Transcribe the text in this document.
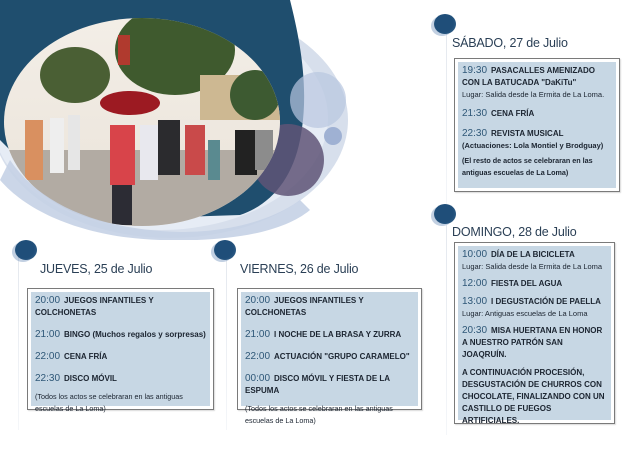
SÁBADO, 27 de Julio
19:30 PASACALLES AMENIZADO CON LA BATUCADA "DaKiTu"
Lugar: Salida desde la Ermita de La Loma.
21:30 CENA FRÍA
22:30 REVISTA MUSICAL
(Actuaciones: Lola Montiel y Brodguay)
(El resto de actos se celebraran en las antiguas escuelas de La Loma)
DOMINGO, 28 de Julio
10:00 DÍA DE LA BICICLETA
Lugar: Salida desde la Ermita de La Loma
12:00 FIESTA DEL AGUA
13:00 I DEGUSTACIÓN DE PAELLA
Lugar: Antiguas escuelas de La Loma
20:30 MISA HUERTANA EN HONOR A NUESTRO PATRÓN SAN JOAQRUÍN.
A CONTINUACIÓN PROCESIÓN, DESGUSTACIÓN DE CHURROS CON CHOCOLATE, FINALIZANDO CON UN CASTILLO DE FUEGOS ARTIFICIALES.
JUEVES, 25 de Julio
20:00 JUEGOS INFANTILES Y COLCHONETAS
21:00 BINGO (Muchos regalos y sorpresas)
22:00 CENA FRÍA
22:30 DISCO MÓVIL
(Todos los actos se celebraran en las antiguas escuelas de La Loma)
VIERNES, 26 de Julio
20:00 JUEGOS INFANTILES Y COLCHONETAS
21:00 I NOCHE DE LA BRASA Y ZURRA
22:00 ACTUACIÓN "GRUPO CARAMELO"
00:00 DISCO MÓVIL Y FIESTA DE LA ESPUMA
(Todos los actos se celebraran en las antiguas escuelas de La Loma)
